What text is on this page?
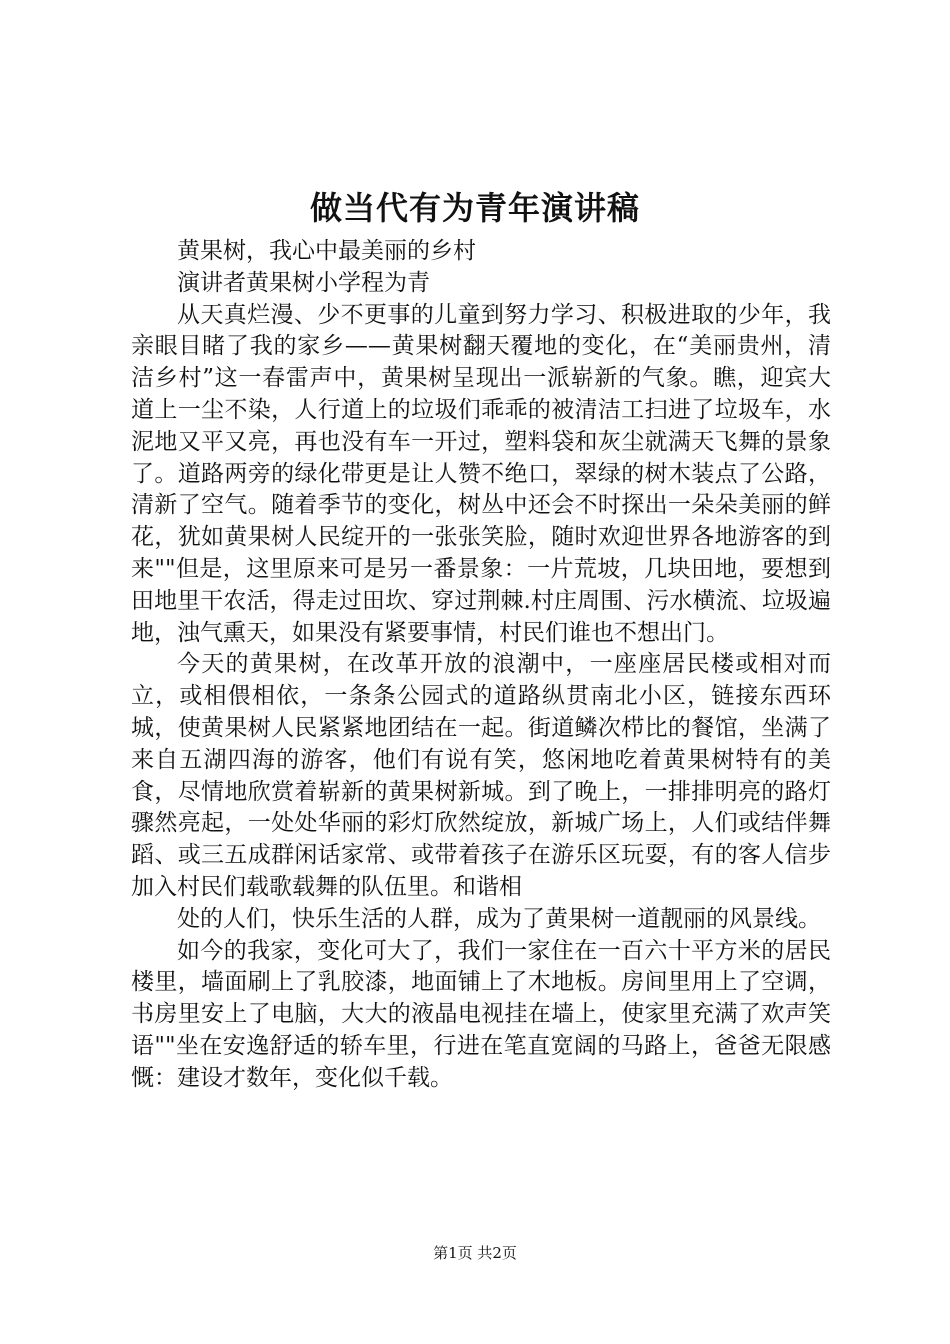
做当代有为青年演讲稿

黄果树，我心中最美丽的乡村

演讲者黄果树小学程为青

从天真烂漫、少不更事的儿童到努力学习、积极进取的少年，我亲眼目睹了我的家乡——黄果树翻天覆地的变化，在“美丽贵州，清洁乡村”这一春雷声中，黄果树呈现出一派崭新的气象。瞧，迎宾大道上一尘不染，人行道上的垃圾们乖乖的被清洁工扫进了垃圾车，水泥地又平又亮，再也没有车一开过，塑料袋和灰尘就满天飞舞的景象了。道路两旁的绿化带更是让人赞不绝口，翠绿的树木装点了公路，清新了空气。随着季节的变化，树丛中还会不时探出一朵朵美丽的鲜花，犹如黄果树人民绽开的一张张笑脸，随时欢迎世界各地游客的到来""但是，这里原来可是另一番景象：一片荒坡，几块田地，要想到田地里干农活，得走过田坎、穿过荆棘.村庄周围、污水横流、垃圾遍地，浊气熏天，如果没有紧要事情，村民们谁也不想出门。

今天的黄果树，在改革开放的浪潮中，一座座居民楼或相对而立，或相偎相依，一条条公园式的道路纵贯南北小区，链接东西环城，使黄果树人民紧紧地团结在一起。街道鳞次栉比的餐馆，坐满了来自五湖四海的游客，他们有说有笑，悠闲地吃着黄果树特有的美食，尽情地欣赏着崭新的黄果树新城。到了晚上，一排排明亮的路灯骤然亮起，一处处华丽的彩灯欣然绽放，新城广场上，人们或结伴舞蹈、或三五成群闲话家常、或带着孩子在游乐区玩耍，有的客人信步加入村民们载歌载舞的队伍里。和谐相

处的人们，快乐生活的人群，成为了黄果树一道靓丽的风景线。

如今的我家，变化可大了，我们一家住在一百六十平方米的居民楼里，墙面刷上了乳胶漆，地面铺上了木地板。房间里用上了空调，书房里安上了电脑，大大的液晶电视挂在墙上，使家里充满了欢声笑语""坐在安逸舒适的轿车里，行进在笔直宽阔的马路上，爸爸无限感慨：建设才数年，变化似千载。

第1页 共2页
